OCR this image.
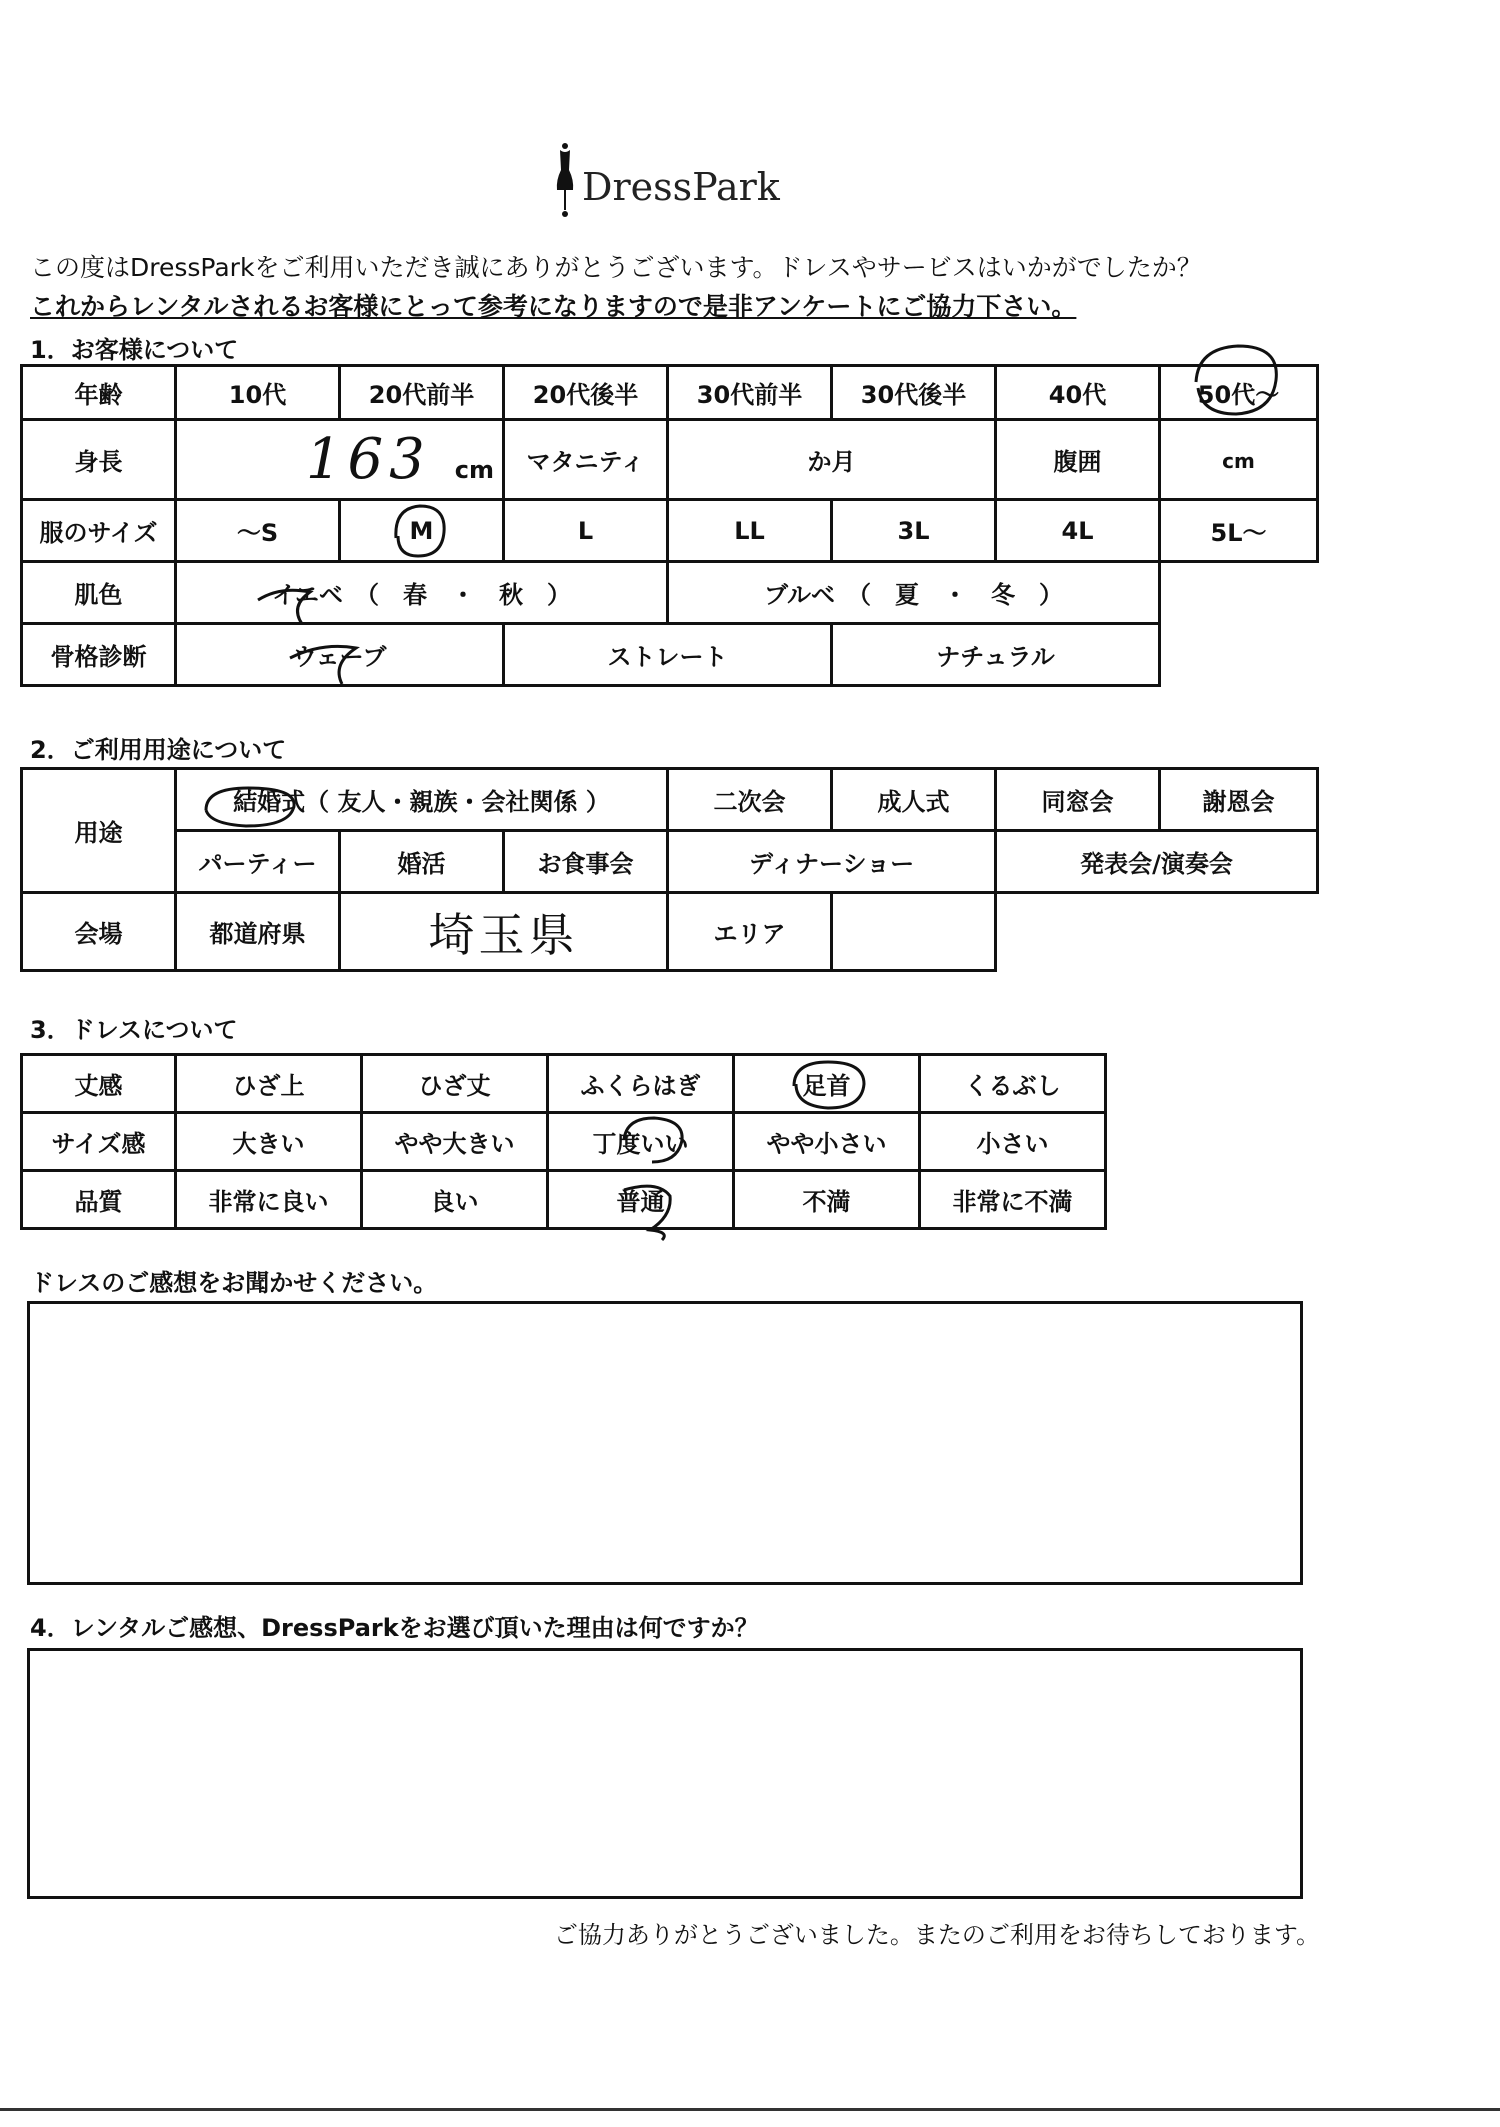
DressPark
この度はDressParkをご利用いただき誠にありがとうございます。ドレスやサービスはいかがでしたか？
これからレンタルされるお客様にとって参考になりますので是非アンケートにご協力下さい。
1．お客様について
年齢	10代	20代前半	20代後半	30代前半	30代後半	40代	50代～
身長	163 cm		マタニティ	か月		腹囲	cm
服のサイズ	～S	M	L	LL	3L	4L	5L～
肌色	イエベ　（　春　・　秋　）			ブルベ　（　夏　・　冬　）			
骨格診断	ウェーブ		ストレート		ナチュラル		
2．ご利用用途について
用途	結婚式（ 友人・親族・会社関係 ）			二次会	成人式	同窓会	謝恩会
	パーティー	婚活	お食事会	ディナーショー		発表会/演奏会	
会場	都道府県	埼玉県		エリア			
3．ドレスについて
丈感	ひざ上	ひざ丈	ふくらはぎ	足首	くるぶし
サイズ感	大きい	やや大きい	丁度いい	やや小さい	小さい
品質	非常に良い	良い	普通	不満	非常に不満
ドレスのご感想をお聞かせください。
4．レンタルご感想、DressParkをお選び頂いた理由は何ですか？
ご協力ありがとうございました。またのご利用をお待ちしております。
